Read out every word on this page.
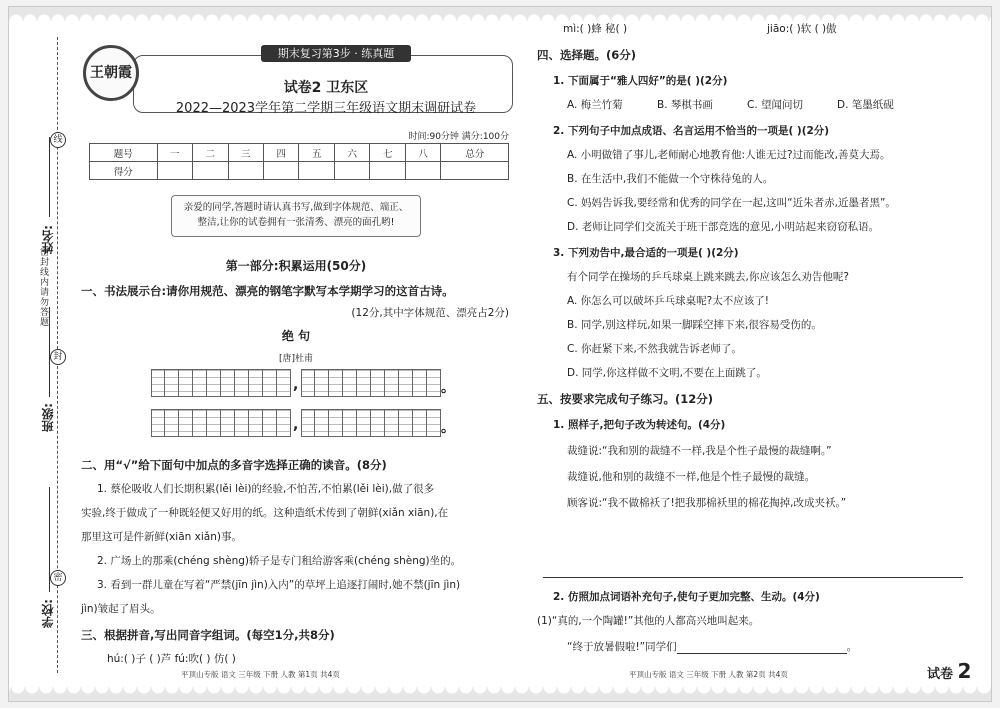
姓名:
班级:
学校:
密封线内请勿答题
线
封
密
王朝霞
期末复习第3步 · 练真题
试卷2 卫东区
2022—2023学年第二学期三年级语文期末调研试卷
时间:90分钟 满分:100分
题号	一	二	三	四	五	六	七	八	总分
得分									
亲爱的同学,答题时请认真书写,做到字体规范、端正、整洁,让你的试卷拥有一张清秀、漂亮的面孔哟!
第一部分:积累运用(50分)
一、书法展示台:请你用规范、漂亮的钢笔字默写本学期学习的这首古诗。
(12分,其中字体规范、漂亮占2分)
绝 句
[唐]杜甫
,	。
,	。
二、用“√”给下面句中加点的多音字选择正确的读音。(8分)
1. 蔡伦吸收人们长期积累(lěi lèi)的经验,不怕苦,不怕累(lěi lèi),做了很多
实验,终于做成了一种既轻便又好用的纸。这种造纸术传到了朝鲜(xiǎn xiān),在
那里这可是件新鲜(xiān xiǎn)事。
2. 广场上的那乘(chéng shèng)轿子是专门租给游客乘(chéng shèng)坐的。
3. 看到一群儿童在写着“严禁(jīn jìn)入内”的草坪上追逐打闹时,她不禁(jīn jìn)
jìn)皱起了眉头。
三、根据拼音,写出同音字组词。(每空1分,共8分)
hú:( )子 ( )芦 fú:吹( ) 仿( )
mì:( )蜂 秘( )	jiāo:( )软 ( )傲
四、选择题。(6分)
1. 下面属于“雅人四好”的是( )(2分)
A. 梅兰竹菊	B. 琴棋书画	C. 望闻问切	D. 笔墨纸砚
2. 下列句子中加点成语、名言运用不恰当的一项是( )(2分)
A. 小明做错了事儿,老师耐心地教育他:人谁无过?过而能改,善莫大焉。
B. 在生活中,我们不能做一个守株待兔的人。
C. 妈妈告诉我,要经常和优秀的同学在一起,这叫“近朱者赤,近墨者黑”。
D. 老师让同学们交流关于班干部竞选的意见,小明站起来窃窃私语。
3. 下列劝告中,最合适的一项是( )(2分)
有个同学在操场的乒乓球桌上跳来跳去,你应该怎么劝告他呢?
A. 你怎么可以破坏乒乓球桌呢?太不应该了!
B. 同学,别这样玩,如果一脚踩空摔下来,很容易受伤的。
C. 你赶紧下来,不然我就告诉老师了。
D. 同学,你这样做不文明,不要在上面跳了。
五、按要求完成句子练习。(12分)
1. 照样子,把句子改为转述句。(4分)
裁缝说:“我和别的裁缝不一样,我是个性子最慢的裁缝啊。”
裁缝说,他和别的裁缝不一样,他是个性子最慢的裁缝。
顾客说:“我不做棉袄了!把我那棉袄里的棉花掏掉,改成夹袄。”
2. 仿照加点词语补充句子,使句子更加完整、生动。(4分)
(1)“真的,一个陶罐!”其他的人都高兴地叫起来。
“终于放暑假啦!”同学们	。
平顶山专版 语文 三年级 下册 人教 第1页 共4页	平顶山专版 语文 三年级 下册 人教 第2页 共4页	试卷 2
